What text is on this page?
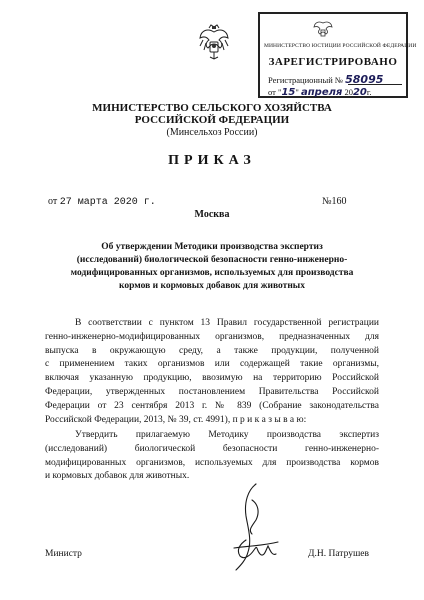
МИНИСТЕРСТВО ЮСТИЦИИ РОССИЙСКОЙ ФЕДЕРАЦИИ
ЗАРЕГИСТРИРОВАНО
Регистрационный № 58095
от "15" апреля 2020г.
МИНИСТЕРСТВО СЕЛЬСКОГО ХОЗЯЙСТВА
РОССИЙСКОЙ ФЕДЕРАЦИИ
(Минсельхоз России)
ПРИКАЗ
от 27 марта 2020 г.	№160
Москва
Об утверждении Методики производства экспертиз
(исследований) биологической безопасности генно-инженерно-
модифицированных организмов, используемых для производства
кормов и кормовых добавок для животных
В соответствии с пунктом 13 Правил государственной регистрации
генно-инженерно-модифицированных организмов, предназначенных для
выпуска в окружающую среду, а также продукции, полученной
с применением таких организмов или содержащей такие организмы,
включая указанную продукцию, ввозимую на территорию Российской
Федерации, утвержденных постановлением Правительства Российской
Федерации от 23 сентября 2013 г. № 839 (Собрание законодательства
Российской Федерации, 2013, № 39, ст. 4991), п р и к а з ы в а ю:
Утвердить прилагаемую Методику производства экспертиз
(исследований) биологической безопасности генно-инженерно-
модифицированных организмов, используемых для производства кормов
и кормовых добавок для животных.
Министр	Д.Н. Патрушев
